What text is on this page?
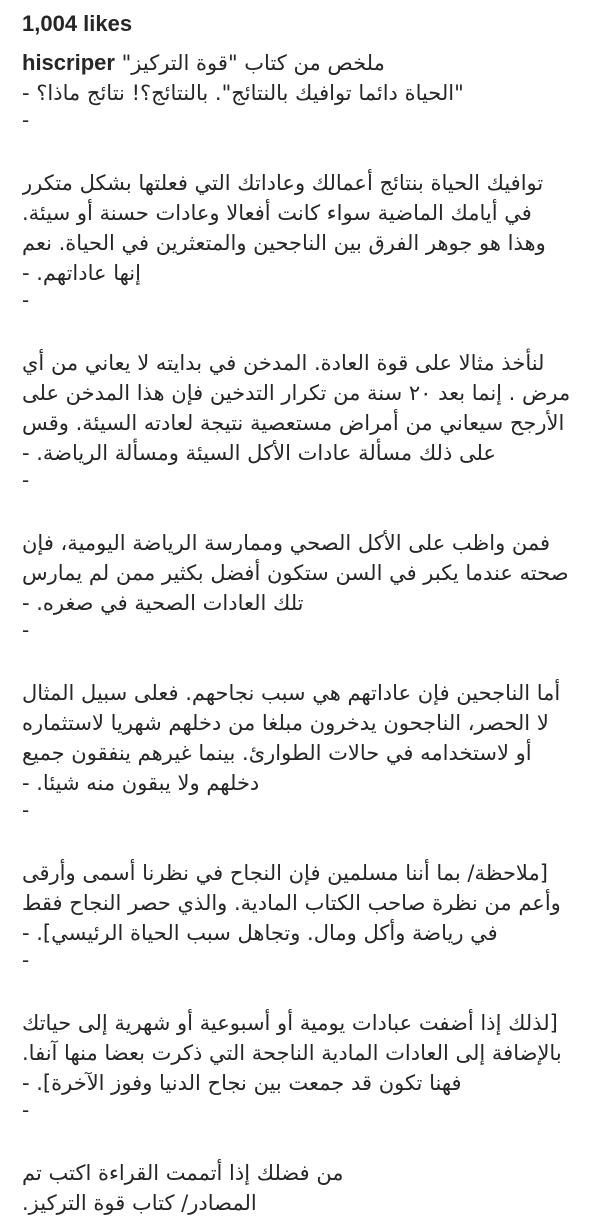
1,004 likes
hiscriper "ملخص من كتاب "قوة التركيز
"الحياة دائما توافيك بالنتائج". بالنتائج؟! نتائج ماذا؟ -
-
توافيك الحياة بنتائج أعمالك وعاداتك التي فعلتها بشكل متكرر
في أيامك الماضية سواء كانت أفعالا وعادات حسنة أو سيئة.
وهذا هو جوهر الفرق بين الناجحين والمتعثرين في الحياة. نعم
إنها عاداتهم. -
-
لنأخذ مثالا على قوة العادة. المدخن في بدايته لا يعاني من أي
مرض . إنما بعد ٢٠ سنة من تكرار التدخين فإن هذا المدخن على
الأرجح سيعاني من أمراض مستعصية نتيجة لعادته السيئة. وقس
على ذلك مسألة عادات الأكل السيئة ومسألة الرياضة. -
-
فمن واظب على الأكل الصحي وممارسة الرياضة اليومية، فإن
صحته عندما يكبر في السن ستكون أفضل بكثير ممن لم يمارس
تلك العادات الصحية في صغره. -
-
أما الناجحين فإن عاداتهم هي سبب نجاحهم. فعلى سبيل المثال
لا الحصر، الناجحون يدخرون مبلغا من دخلهم شهريا لاستثماره
أو لاستخدامه في حالات الطوارئ. بينما غيرهم ينفقون جميع
دخلهم ولا يبقون منه شيئا. -
-
[ملاحظة/ بما أننا مسلمين فإن النجاح في نظرنا أسمى وأرقى
وأعم من نظرة صاحب الكتاب المادية. والذي حصر النجاح فقط
في رياضة وأكل ومال. وتجاهل سبب الحياة الرئيسي]. -
-
[لذلك إذا أضفت عبادات يومية أو أسبوعية أو شهرية إلى حياتك
بالإضافة إلى العادات المادية الناجحة التي ذكرت بعضا منها آنفا.
فهنا تكون قد جمعت بين نجاح الدنيا وفوز الآخرة]. -
-
من فضلك إذا أتممت القراءة اكتب تم
المصادر/ كتاب قوة التركيز.
